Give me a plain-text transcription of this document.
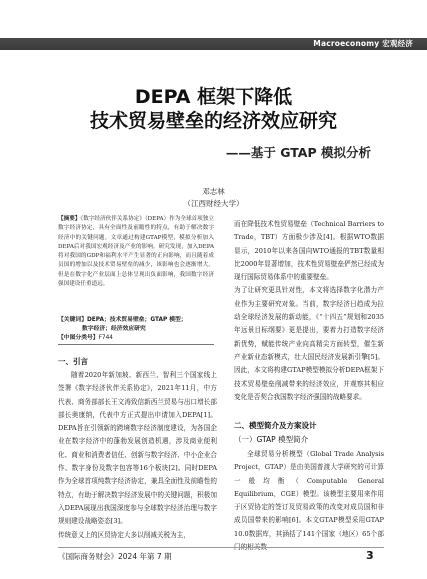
Macroeconomy 宏观经济
DEPA 框架下降低
技术贸易壁垒的经济效应研究
——基于 GTAP 模拟分析
邓志林
（江西财经大学）
【摘要】《数字经济伙伴关系协定》（DEPA）作为全球首项独立数字经济协定，具有全面性及前瞻性的特点，有助于解决数字经济中的关键问题。文章通过构建GTAP模型，模拟分析加入DEPA后对我国宏观经济及产业的影响。研究发现，加入DEPA将对我国的GDP和福利水平产生显著的正向影响，而且随着成员国的增加以及技术贸易壁垒的减少，该影响也会逐渐增大。但是在数字化产业层面上总体呈现出负面影响，我国数字经济强国建设任重道远。
【关键词】DEPA；技术贸易壁垒；GTAP 模型；
数字经济；经济效应研究
【中图分类号】F744
一、引言

随着2020年新加坡、新西兰、智利三个国家线上签署《数字经济伙伴关系协定》，2021年11月，中方代表、商务部部长王文涛致信新西兰贸易与出口增长部部长奥康纳，代表中方正式提出申请加入DEPA[1]。DEPA旨在引领新的跨境数字经济制度建设，为各国企业在数字经济中的蓬勃发展创造机遇，涉及商业便利化、商业和消费者信任、创新与数字经济、中小企业合作、数字身份及数字包容等16个板块[2]。同时DEPA作为全球首项纯数字经济协定，兼具全面性及前瞻性的特点，有助于解决数字经济发展中的关键问题，积极加入DEPA展现出我国深度参与全球数字经济治理与数字规则建设战略姿态[3]。
传统意义上的区贸协定大多以削减关税为主，

而在降低技术性贸易壁垒（Technical Barriers to Trade，TBT）方面极少涉及[4]。根据WTO数据显示，2010年以来各国向WTO通报的TBT数量相比2000年显著增加，技术性贸易壁垒俨然已经成为现行国际贸易体系中的重要壁垒。
为了让研究更具针对性，本文将选择数字化潜力产业作为主要研究对象。当前，数字经济日趋成为拉动全球经济发展的新动能，《“十四五”规划和2035年远景目标纲要》更是提出，要着力打造数字经济新优势，赋能传统产业向高精尖方面转型，催生新产业新业态新模式，壮大国民经济发展新引擎[5]。因此，本文将构建GTAP模型模拟分析DEPA框架下技术贸易壁垒削减带来的经济效应，并观察其相应变化是否契合我国数字经济强国的战略要求。

二、模型简介及方案设计
（一）GTAP 模型简介

全球贸易分析模型（Global Trade Analysis Project，GTAP）是由美国普渡大学研究的可计算一般均衡（Computable General Equilibrium，CGE）模型。该模型主要用来作用于区贸协定的签订及贸易政策的改变对成员国和非成员国带来的影响[6]。本文GTAP模型采用GTAP 10.0数据库，其涵括了141个国家（地区）65个部门的相关数

《国际商务财会》2024 年第 7 期	3
